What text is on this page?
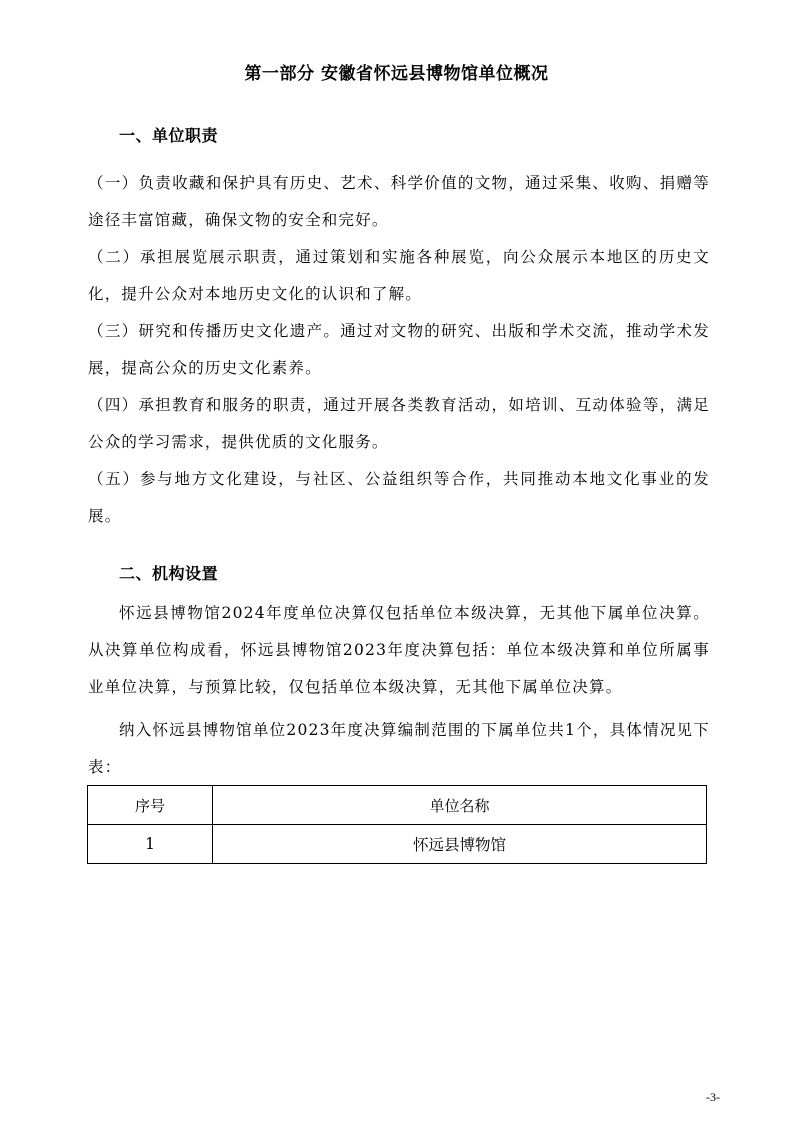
第一部分 安徽省怀远县博物馆单位概况
一、单位职责

（一）负责收藏和保护具有历史、艺术、科学价值的文物，通过采集、收购、捐赠等途径丰富馆藏，确保文物的安全和完好。

（二）承担展览展示职责，通过策划和实施各种展览，向公众展示本地区的历史文化，提升公众对本地历史文化的认识和了解。

（三）研究和传播历史文化遗产。通过对文物的研究、出版和学术交流，推动学术发展，提高公众的历史文化素养。

（四）承担教育和服务的职责，通过开展各类教育活动，如培训、互动体验等，满足公众的学习需求，提供优质的文化服务。

（五）参与地方文化建设，与社区、公益组织等合作，共同推动本地文化事业的发展。

二、机构设置

怀远县博物馆2024年度单位决算仅包括单位本级决算，无其他下属单位决算。从决算单位构成看，怀远县博物馆2023年度决算包括：单位本级决算和单位所属事业单位决算，与预算比较，仅包括单位本级决算，无其他下属单位决算。

纳入怀远县博物馆单位2023年度决算编制范围的下属单位共1个，具体情况见下表：

序号	单位名称
1	怀远县博物馆
-3-
